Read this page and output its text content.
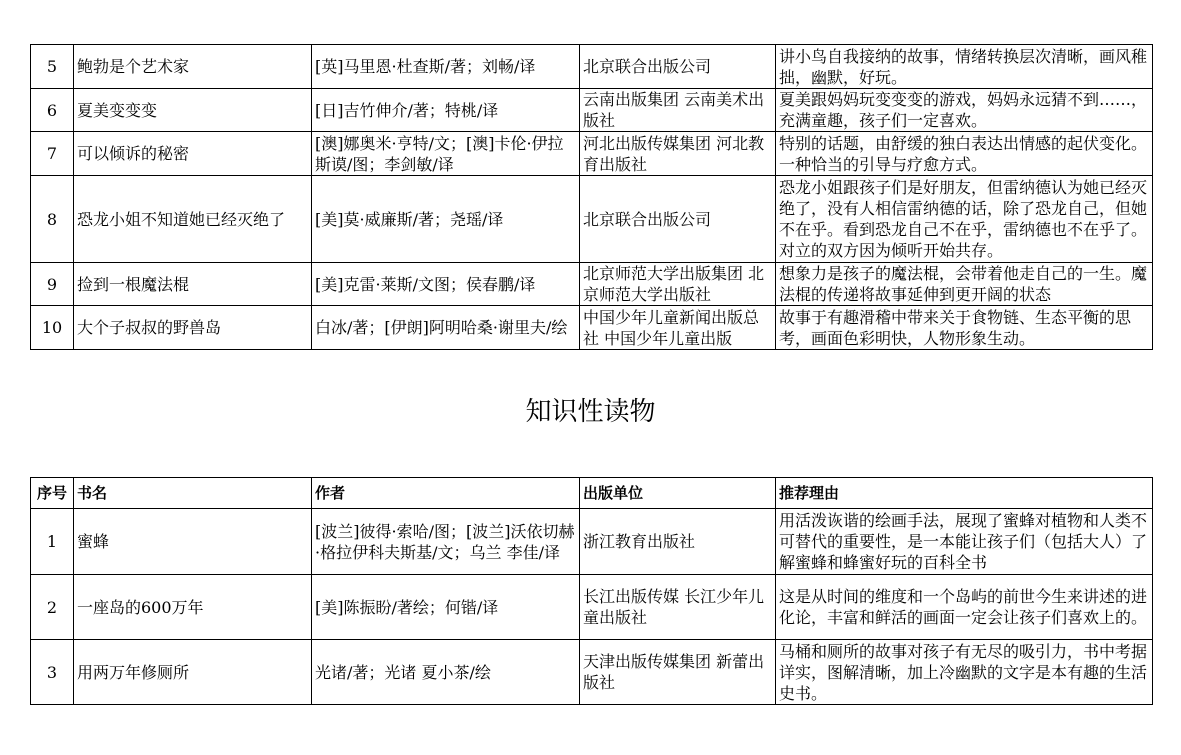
5	鲍勃是个艺术家	[英]马里恩·杜查斯/著；刘畅/译	北京联合出版公司	讲小鸟自我接纳的故事，情绪转换层次清晰，画风稚拙，幽默，好玩。
6	夏美变变变	[日]吉竹伸介/著；特桃/译	云南出版集团 云南美术出版社	夏美跟妈妈玩变变变的游戏，妈妈永远猜不到……，充满童趣，孩子们一定喜欢。
7	可以倾诉的秘密	[澳]娜奥米·亨特/文；[澳]卡伦·伊拉斯谟/图；李剑敏/译	河北出版传媒集团 河北教育出版社	特别的话题，由舒缓的独白表达出情感的起伏变化。一种恰当的引导与疗愈方式。
8	恐龙小姐不知道她已经灭绝了	[美]莫·威廉斯/著；尧瑶/译	北京联合出版公司	恐龙小姐跟孩子们是好朋友，但雷纳德认为她已经灭绝了，没有人相信雷纳德的话，除了恐龙自己，但她不在乎。看到恐龙自己不在乎，雷纳德也不在乎了。对立的双方因为倾听开始共存。
9	捡到一根魔法棍	[美]克雷·莱斯/文图；侯春鹏/译	北京师范大学出版集团 北京师范大学出版社	想象力是孩子的魔法棍，会带着他走自己的一生。魔法棍的传递将故事延伸到更开阔的状态
10	大个子叔叔的野兽岛	白冰/著；[伊朗]阿明哈桑·谢里夫/绘	中国少年儿童新闻出版总社 中国少年儿童出版	故事于有趣滑稽中带来关于食物链、生态平衡的思考，画面色彩明快，人物形象生动。
知识性读物
序号	书名	作者	出版单位	推荐理由
1	蜜蜂	[波兰]彼得·索哈/图；[波兰]沃依切赫·格拉伊科夫斯基/文；乌兰 李佳/译	浙江教育出版社	用活泼诙谐的绘画手法，展现了蜜蜂对植物和人类不可替代的重要性，是一本能让孩子们（包括大人）了解蜜蜂和蜂蜜好玩的百科全书
2	一座岛的600万年	[美]陈振盼/著绘；何锴/译	长江出版传媒 长江少年儿童出版社	这是从时间的维度和一个岛屿的前世今生来讲述的进化论，丰富和鲜活的画面一定会让孩子们喜欢上的。
3	用两万年修厕所	光诸/著；光诸 夏小茶/绘	天津出版传媒集团 新蕾出版社	马桶和厕所的故事对孩子有无尽的吸引力，书中考据详实，图解清晰，加上冷幽默的文字是本有趣的生活史书。
